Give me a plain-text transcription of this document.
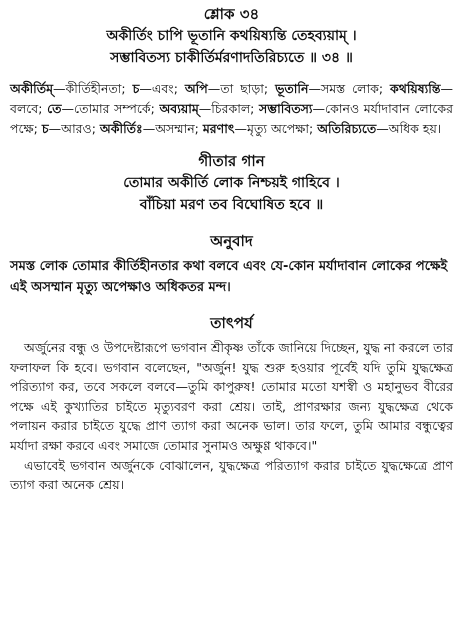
শ্লোক ৩৪
অকীর্তিং চাপি ভূতানি কথয়িষ্যন্তি তেহব্যয়াম্‌ ।
সম্ভাবিতস্য চাকীর্তির্মরণাদতিরিচ্যতে ॥ ৩৪ ॥

অকীর্তিম্‌—কীর্তিহীনতা; চ—এবং; অপি—তা ছাড়া; ভূতানি—সমস্ত লোক; কথয়িষ্যন্তি—বলবে; তে—তোমার সম্পর্কে; অব্যয়াম্‌—চিরকাল; সম্ভাবিতস্য—কোনও মর্যাদাবান লোকের পক্ষে; চ—আরও; অকীর্তিঃ—অসম্মান; মরণাৎ—মৃত্যু অপেক্ষা; অতিরিচ্যতে—অধিক হয়।

গীতার গান
তোমার অকীর্তি লোক নিশ্চয়ই গাহিবে ।
বাঁচিয়া মরণ তব বিঘোষিত হবে ॥
অনুবাদ

সমস্ত লোক তোমার কীর্তিহীনতার কথা বলবে এবং যে-কোন মর্যাদাবান লোকের পক্ষেই এই অসম্মান মৃত্যু অপেক্ষাও অধিকতর মন্দ।

তাৎপর্য

অর্জুনের বন্ধু ও উপদেষ্টারূপে ভগবান শ্রীকৃষ্ণ তাঁকে জানিয়ে দিচ্ছেন, যুদ্ধ না করলে তার ফলাফল কি হবে। ভগবান বলেছেন, "অর্জুন! যুদ্ধ শুরু হওয়ার পূর্বেই যদি তুমি যুদ্ধক্ষেত্র পরিত্যাগ কর, তবে সকলে বলবে—তুমি কাপুরুষ! তোমার মতো যশস্বী ও মহানুভব বীরের পক্ষে এই কুখ্যাতির চাইতে মৃত্যুবরণ করা শ্রেয়। তাই, প্রাণরক্ষার জন্য যুদ্ধক্ষেত্র থেকে পলায়ন করার চাইতে যুদ্ধে প্রাণ ত্যাগ করা অনেক ভাল। তার ফলে, তুমি আমার বন্ধুত্বের মর্যাদা রক্ষা করবে এবং সমাজে তোমার সুনামও অক্ষুণ্ণ থাকবে।"

এভাবেই ভগবান অর্জুনকে বোঝালেন, যুদ্ধক্ষেত্র পরিত্যাগ করার চাইতে যুদ্ধক্ষেত্রে প্রাণ ত্যাগ করা অনেক শ্রেয়।
